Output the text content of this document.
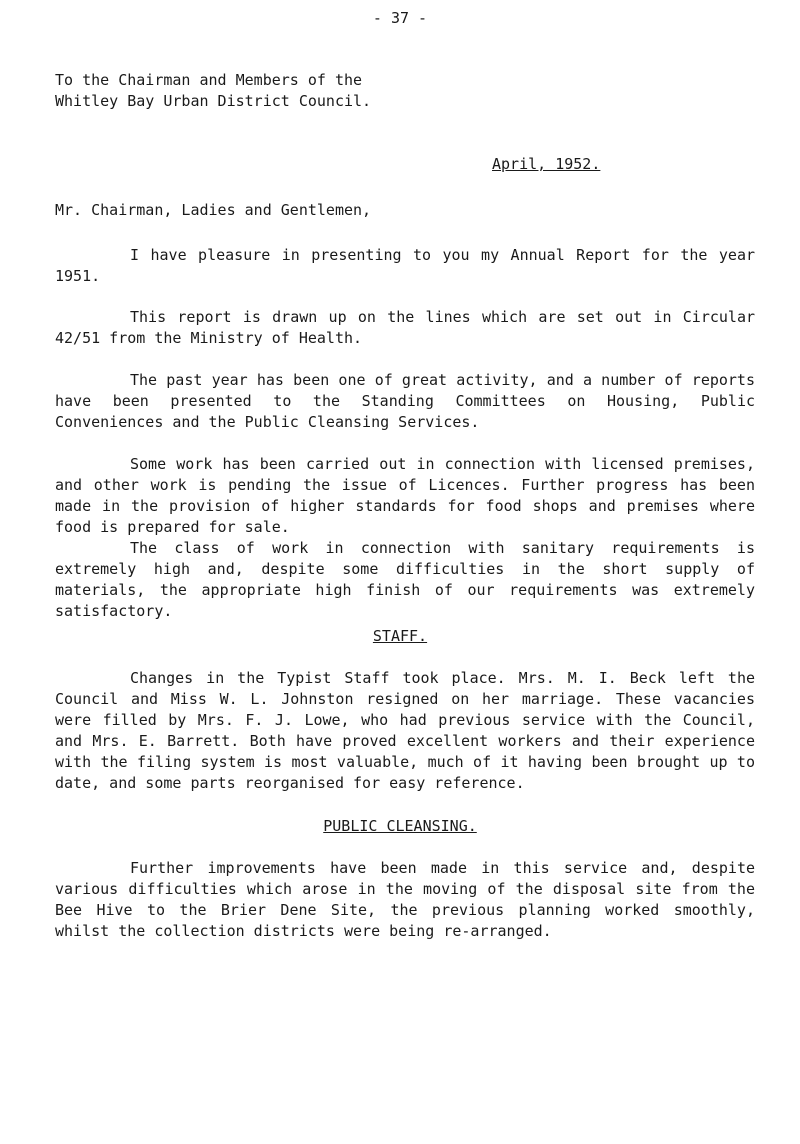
- 37 -
To the Chairman and Members of the
Whitley Bay Urban District Council.
April, 1952.
Mr. Chairman, Ladies and Gentlemen,
I have pleasure in presenting to you my Annual Report for the year 1951.
This report is drawn up on the lines which are set out in Circular 42/51 from the Ministry of Health.
The past year has been one of great activity, and a number of reports have been presented to the Standing Committees on Housing, Public Conveniences and the Public Cleansing Services.
Some work has been carried out in connection with licensed premises, and other work is pending the issue of Licences. Further progress has been made in the provision of higher standards for food shops and premises where food is prepared for sale.
The class of work in connection with sanitary requirements is extremely high and, despite some difficulties in the short supply of materials, the appropriate high finish of our requirements was extremely satisfactory.
STAFF.
Changes in the Typist Staff took place. Mrs. M. I. Beck left the Council and Miss W. L. Johnston resigned on her marriage. These vacancies were filled by Mrs. F. J. Lowe, who had previous service with the Council, and Mrs. E. Barrett. Both have proved excellent workers and their experience with the filing system is most valuable, much of it having been brought up to date, and some parts reorganised for easy reference.
PUBLIC CLEANSING.
Further improvements have been made in this service and, despite various difficulties which arose in the moving of the disposal site from the Bee Hive to the Brier Dene Site, the previous planning worked smoothly, whilst the collection districts were being re-arranged.
